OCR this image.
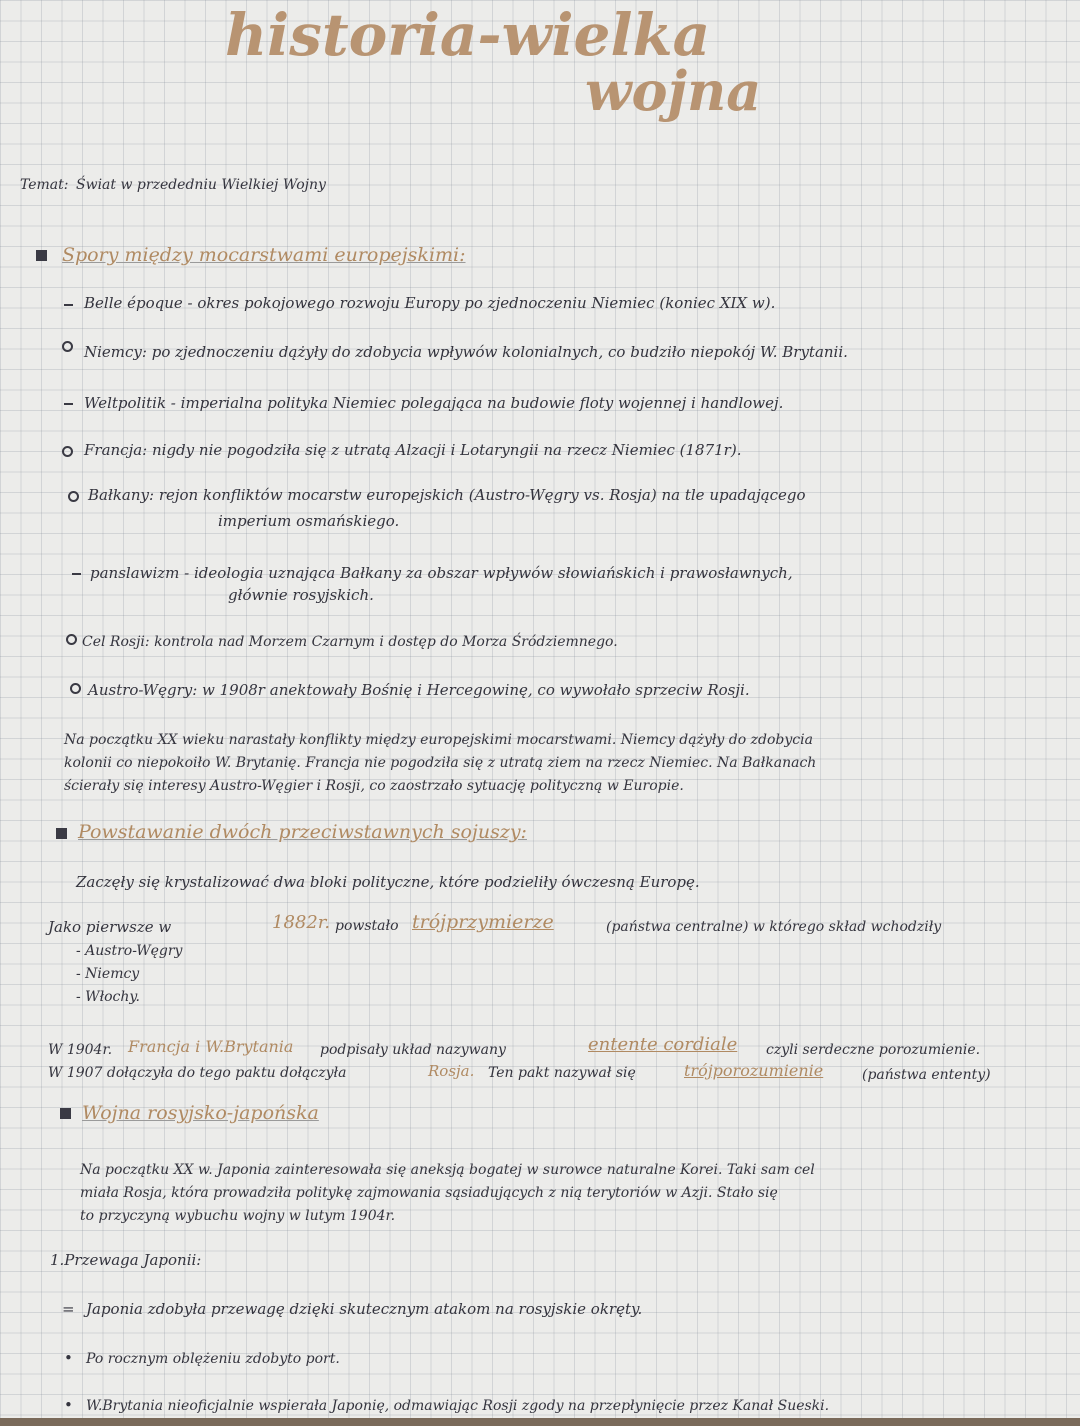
historia-wielka
wojna
Temat: Świat w przededniu Wielkiej Wojny
Spory między mocarstwami europejskimi:
Belle époque - okres pokojowego rozwoju Europy po zjednoczeniu Niemiec (koniec XIX w).
Niemcy: po zjednoczeniu dążyły do zdobycia wpływów kolonialnych, co budziło niepokój W. Brytanii.
Weltpolitik - imperialna polityka Niemiec polegająca na budowie floty wojennej i handlowej.
Francja: nigdy nie pogodziła się z utratą Alzacji i Lotaryngii na rzecz Niemiec (1871r).
Bałkany: rejon konfliktów mocarstw europejskich (Austro-Węgry vs. Rosja) na tle upadającego
imperium osmańskiego.
panslawizm - ideologia uznająca Bałkany za obszar wpływów słowiańskich i prawosławnych,
głównie rosyjskich.
Cel Rosji: kontrola nad Morzem Czarnym i dostęp do Morza Śródziemnego.
Austro-Węgry: w 1908r anektowały Bośnię i Hercegowinę, co wywołało sprzeciw Rosji.
Na początku XX wieku narastały konflikty między europejskimi mocarstwami. Niemcy dążyły do zdobycia
kolonii co niepokoiło W. Brytanię. Francja nie pogodziła się z utratą ziem na rzecz Niemiec. Na Bałkanach
ścierały się interesy Austro-Węgier i Rosji, co zaostrzało sytuację polityczną w Europie.
Powstawanie dwóch przeciwstawnych sojuszy:
Zaczęły się krystalizować dwa bloki polityczne, które podzieliły ówczesną Europę.
Jako pierwsze w	1882r. powstało trójprzymierze	(państwa centralne) w którego skład wchodziły
- Austro-Węgry
- Niemcy
- Włochy.
W 1904r. Francja i W.Brytania podpisały układ nazywany	entente cordiale czyli serdeczne porozumienie.
W 1907 dołączyła do tego paktu dołączyła	Rosja. Ten pakt nazywał się	trójporozumienie	(państwa ententy)
Wojna rosyjsko-japońska
Na początku XX w. Japonia zainteresowała się aneksją bogatej w surowce naturalne Korei. Taki sam cel
miała Rosja, która prowadziła politykę zajmowania sąsiadujących z nią terytoriów w Azji. Stało się
to przyczyną wybuchu wojny w lutym 1904r.
1.Przewaga Japonii:
= Japonia zdobyła przewagę dzięki skutecznym atakom na rosyjskie okręty.
• Po rocznym oblężeniu zdobyto port.
• W.Brytania nieoficjalnie wspierała Japonię, odmawiając Rosji zgody na przepłynięcie przez Kanał Sueski.
